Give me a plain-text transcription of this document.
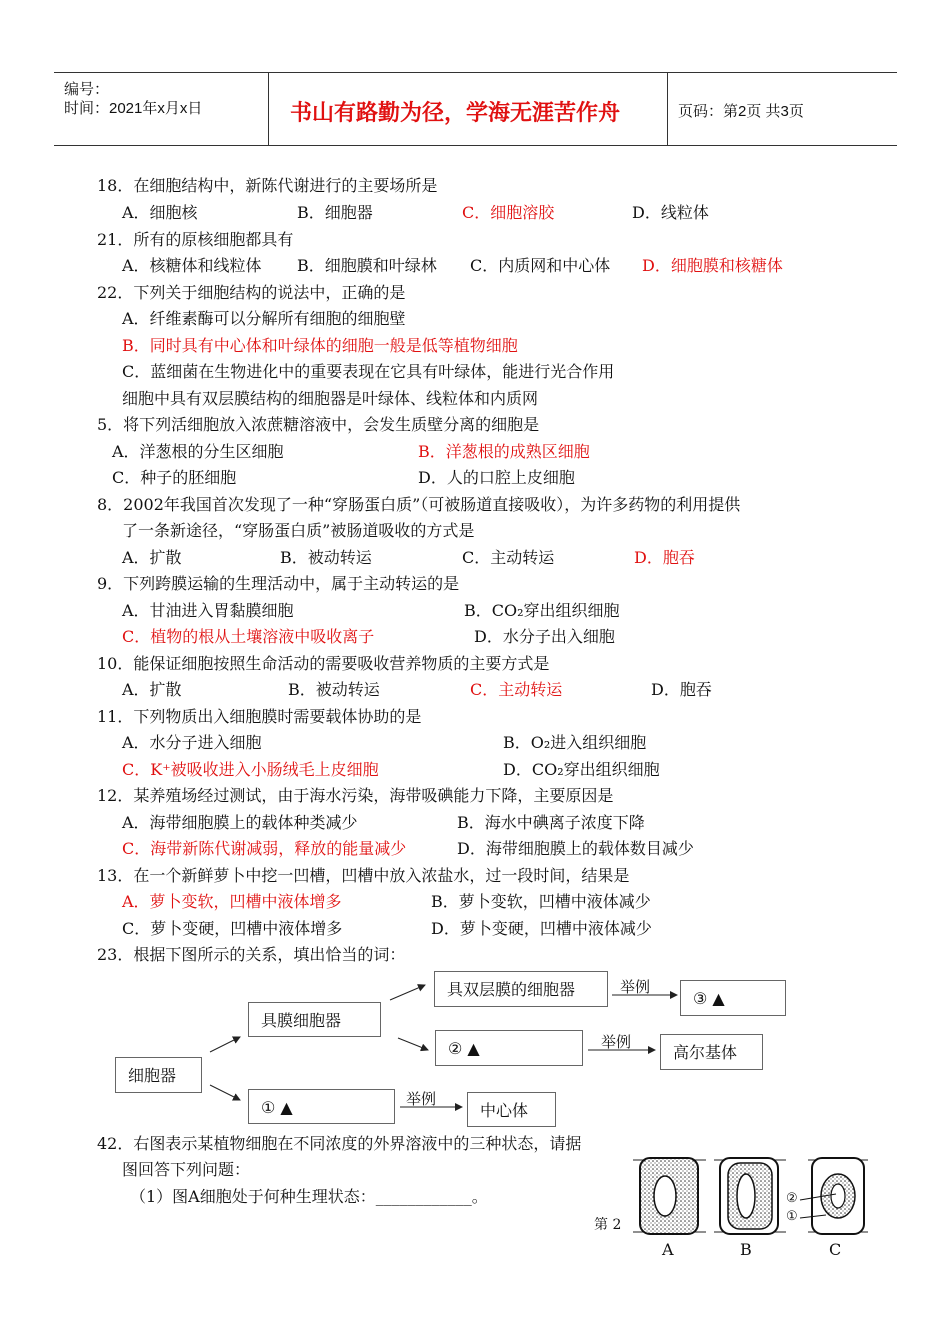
编号：
时间：2021年x月x日	书山有路勤为径，学海无涯苦作舟	页码：第2页 共3页
18．在细胞结构中，新陈代谢进行的主要场所是
A．细胞核	B．细胞器	C．细胞溶胶	D．线粒体
21．所有的原核细胞都具有
A．核糖体和线粒体 B．细胞膜和叶绿林 C．内质网和中心体 D．细胞膜和核糖体
22．下列关于细胞结构的说法中，正确的是
A．纤维素酶可以分解所有细胞的细胞壁
B．同时具有中心体和叶绿体的细胞一般是低等植物细胞
C．蓝细菌在生物进化中的重要表现在它具有叶绿体，能进行光合作用
细胞中具有双层膜结构的细胞器是叶绿体、线粒体和内质网
5．将下列活细胞放入浓蔗糖溶液中，会发生质壁分离的细胞是
A．洋葱根的分生区细胞	B．洋葱根的成熟区细胞
C．种子的胚细胞	D．人的口腔上皮细胞
8．2002年我国首次发现了一种“穿肠蛋白质”（可被肠道直接吸收），为许多药物的利用提供
了一条新途径，“穿肠蛋白质”被肠道吸收的方式是
A．扩散	B．被动转运	C．主动转运	D．胞吞
9．下列跨膜运输的生理活动中，属于主动转运的是
A．甘油进入胃黏膜细胞	B．CO₂穿出组织细胞
C．植物的根从土壤溶液中吸收离子	D．水分子出入细胞
10．能保证细胞按照生命活动的需要吸收营养物质的主要方式是
A．扩散	B．被动转运	C．主动转运	D．胞吞
11．下列物质出入细胞膜时需要载体协助的是
A．水分子进入细胞	B．O₂进入组织细胞
C．K⁺被吸收进入小肠绒毛上皮细胞	D．CO₂穿出组织细胞
12．某养殖场经过测试，由于海水污染，海带吸碘能力下降，主要原因是
A．海带细胞膜上的载体种类减少	B．海水中碘离子浓度下降
C．海带新陈代谢减弱，释放的能量减少	D．海带细胞膜上的载体数目减少
13．在一个新鲜萝卜中挖一凹槽，凹槽中放入浓盐水，过一段时间，结果是
A．萝卜变软，凹槽中液体增多	B．萝卜变软，凹槽中液体减少
C．萝卜变硬，凹槽中液体增多	D．萝卜变硬，凹槽中液体减少
23．根据下图所示的关系，填出恰当的词：
细胞器
具膜细胞器
具双层膜的细胞器	③ ▲
② ▲	高尔基体
① ▲	中心体
举例
举例
举例
42．右图表示某植物细胞在不同浓度的外界溶液中的三种状态，请据
图回答下列问题：
（1）图A细胞处于何种生理状态：____________。
第 2
②
①
A	B	C
